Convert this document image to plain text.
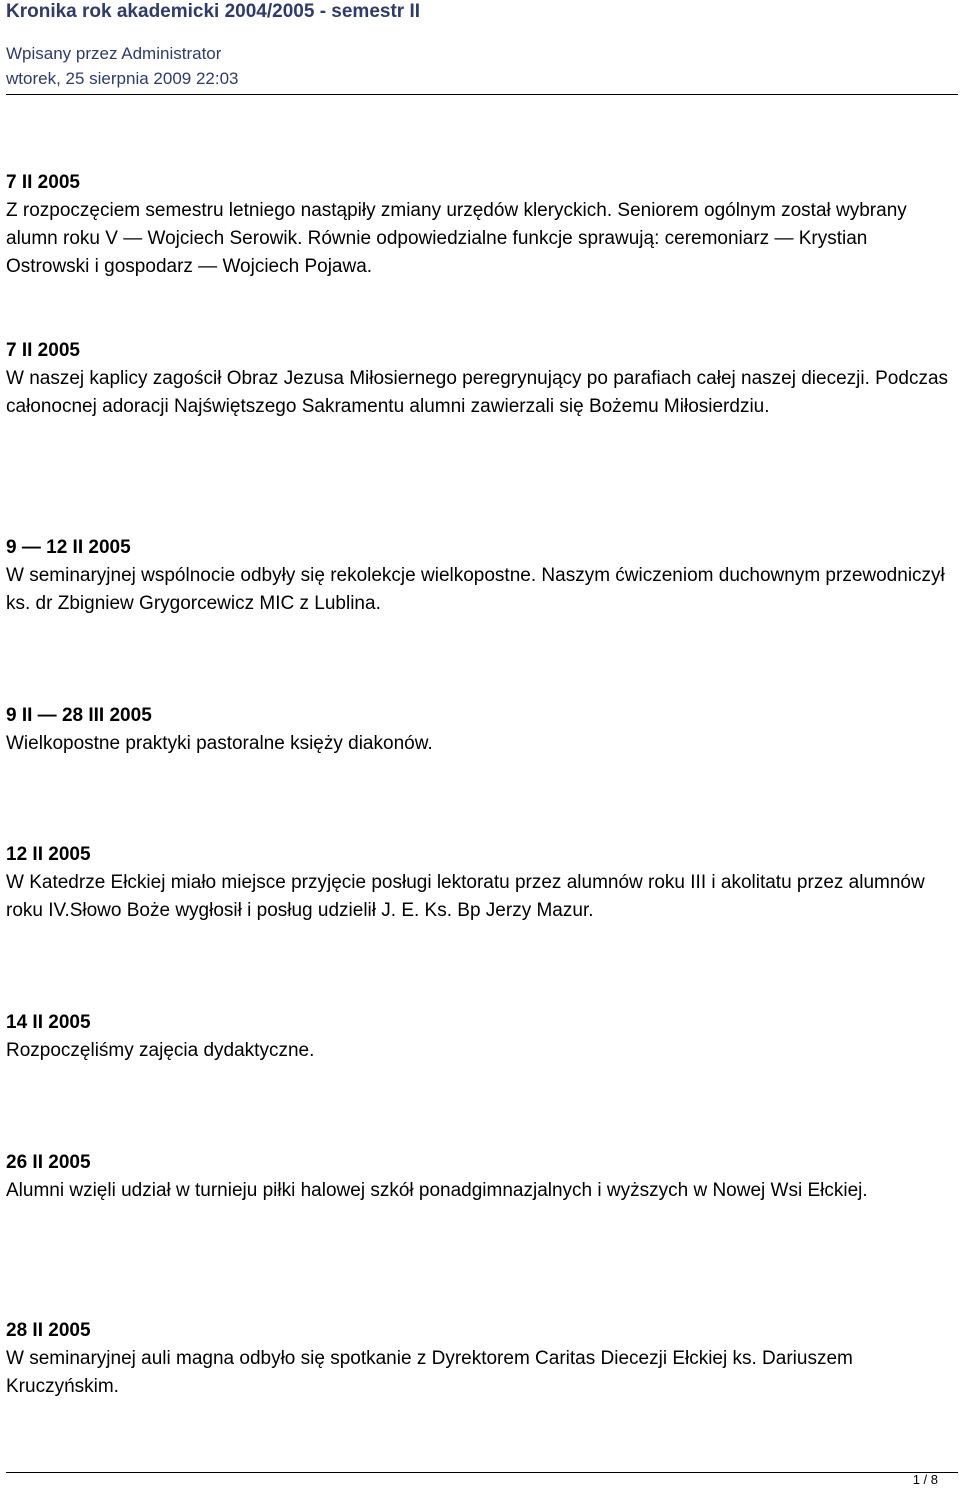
Kronika rok akademicki 2004/2005 - semestr II
Wpisany przez Administrator
wtorek, 25 sierpnia 2009 22:03
7 II 2005
Z rozpoczęciem semestru letniego nastąpiły zmiany urzędów kleryckich. Seniorem ogólnym został wybrany alumn roku V — Wojciech Serowik. Równie odpowiedzialne funkcje sprawują: ceremoniarz — Krystian Ostrowski i gospodarz — Wojciech Pojawa.
7 II 2005
W naszej kaplicy zagościł Obraz Jezusa Miłosiernego peregrynujący po parafiach całej naszej diecezji. Podczas całonocnej adoracji Najświętszego Sakramentu alumni zawierzali się Bożemu Miłosierdziu.
9 — 12 II 2005
W seminaryjnej wspólnocie odbyły się rekolekcje wielkopostne. Naszym ćwiczeniom duchownym przewodniczył ks. dr Zbigniew Grygorcewicz MIC z Lublina.
9 II — 28 III 2005
Wielkopostne praktyki pastoralne księży diakonów.
12 II 2005
W Katedrze Ełckiej miało miejsce przyjęcie posługi lektoratu przez alumnów roku III i akolitatu przez alumnów roku IV.Słowo Boże wygłosił i posług udzielił J. E. Ks. Bp Jerzy Mazur.
14 II 2005
Rozpoczęliśmy zajęcia dydaktyczne.
26 II 2005
Alumni wzięli udział w turnieju piłki halowej szkół ponadgimnazjalnych i wyższych w Nowej Wsi Ełckiej.
28 II 2005
W seminaryjnej auli magna odbyło się spotkanie z Dyrektorem Caritas Diecezji Ełckiej ks. Dariuszem Kruczyńskim.
1 / 8
